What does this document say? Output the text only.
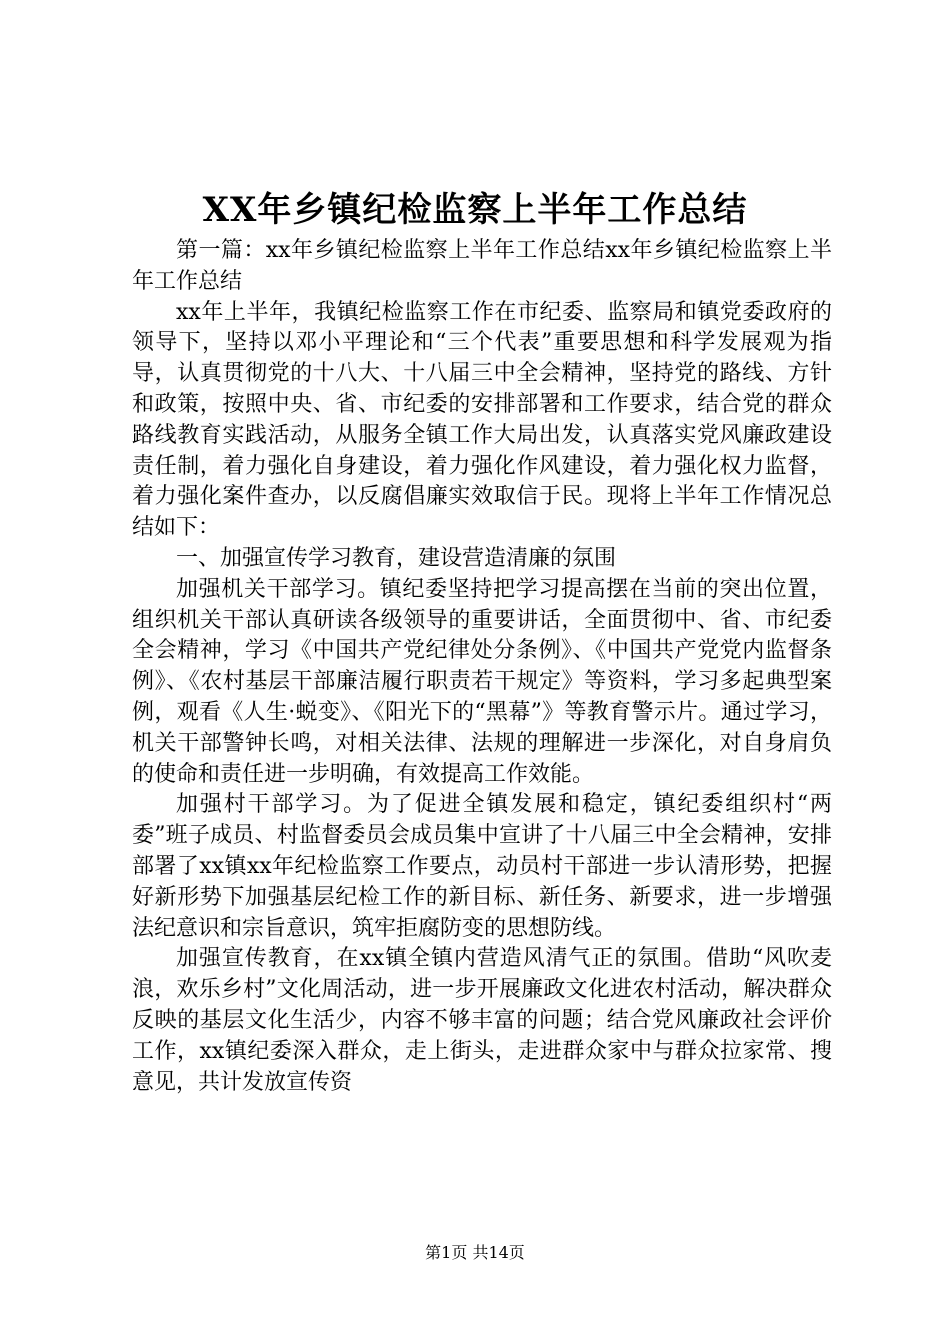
XX年乡镇纪检监察上半年工作总结

第一篇：xx年乡镇纪检监察上半年工作总结xx年乡镇纪检监察上半年工作总结

xx年上半年，我镇纪检监察工作在市纪委、监察局和镇党委政府的领导下，坚持以邓小平理论和“三个代表”重要思想和科学发展观为指导，认真贯彻党的十八大、十八届三中全会精神，坚持党的路线、方针和政策，按照中央、省、市纪委的安排部署和工作要求，结合党的群众路线教育实践活动，从服务全镇工作大局出发，认真落实党风廉政建设责任制，着力强化自身建设，着力强化作风建设，着力强化权力监督，着力强化案件查办，以反腐倡廉实效取信于民。现将上半年工作情况总结如下：

一、加强宣传学习教育，建设营造清廉的氛围

加强机关干部学习。镇纪委坚持把学习提高摆在当前的突出位置，组织机关干部认真研读各级领导的重要讲话，全面贯彻中、省、市纪委全会精神，学习《中国共产党纪律处分条例》、《中国共产党党内监督条例》、《农村基层干部廉洁履行职责若干规定》等资料，学习多起典型案例，观看《人生·蜕变》、《阳光下的“黑幕”》等教育警示片。通过学习，机关干部警钟长鸣，对相关法律、法规的理解进一步深化，对自身肩负的使命和责任进一步明确，有效提高工作效能。

加强村干部学习。为了促进全镇发展和稳定，镇纪委组织村“两委”班子成员、村监督委员会成员集中宣讲了十八届三中全会精神，安排部署了xx镇xx年纪检监察工作要点，动员村干部进一步认清形势，把握好新形势下加强基层纪检工作的新目标、新任务、新要求，进一步增强法纪意识和宗旨意识，筑牢拒腐防变的思想防线。

加强宣传教育，在xx镇全镇内营造风清气正的氛围。借助“风吹麦浪，欢乐乡村”文化周活动，进一步开展廉政文化进农村活动，解决群众反映的基层文化生活少，内容不够丰富的问题；结合党风廉政社会评价工作，xx镇纪委深入群众，走上街头，走进群众家中与群众拉家常、搜意见，共计发放宣传资

第1页 共14页
